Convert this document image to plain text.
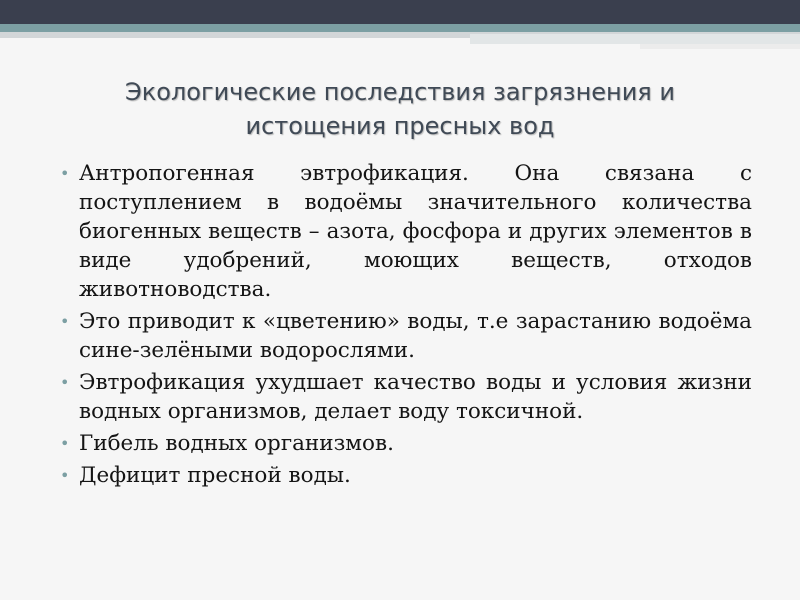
Экологические последствия загрязнения и
истощения пресных вод
• Антропогенная эвтрофикация. Она связана с поступлением в водоёмы значительного количества биогенных веществ – азота, фосфора и других элементов в виде удобрений, моющих веществ, отходов животноводства.
• Это приводит к «цветению» воды, т.е зарастанию водоёма сине-зелёными водорослями.
• Эвтрофикация ухудшает качество воды и условия жизни водных организмов, делает воду токсичной.
• Гибель водных организмов.
• Дефицит пресной воды.
